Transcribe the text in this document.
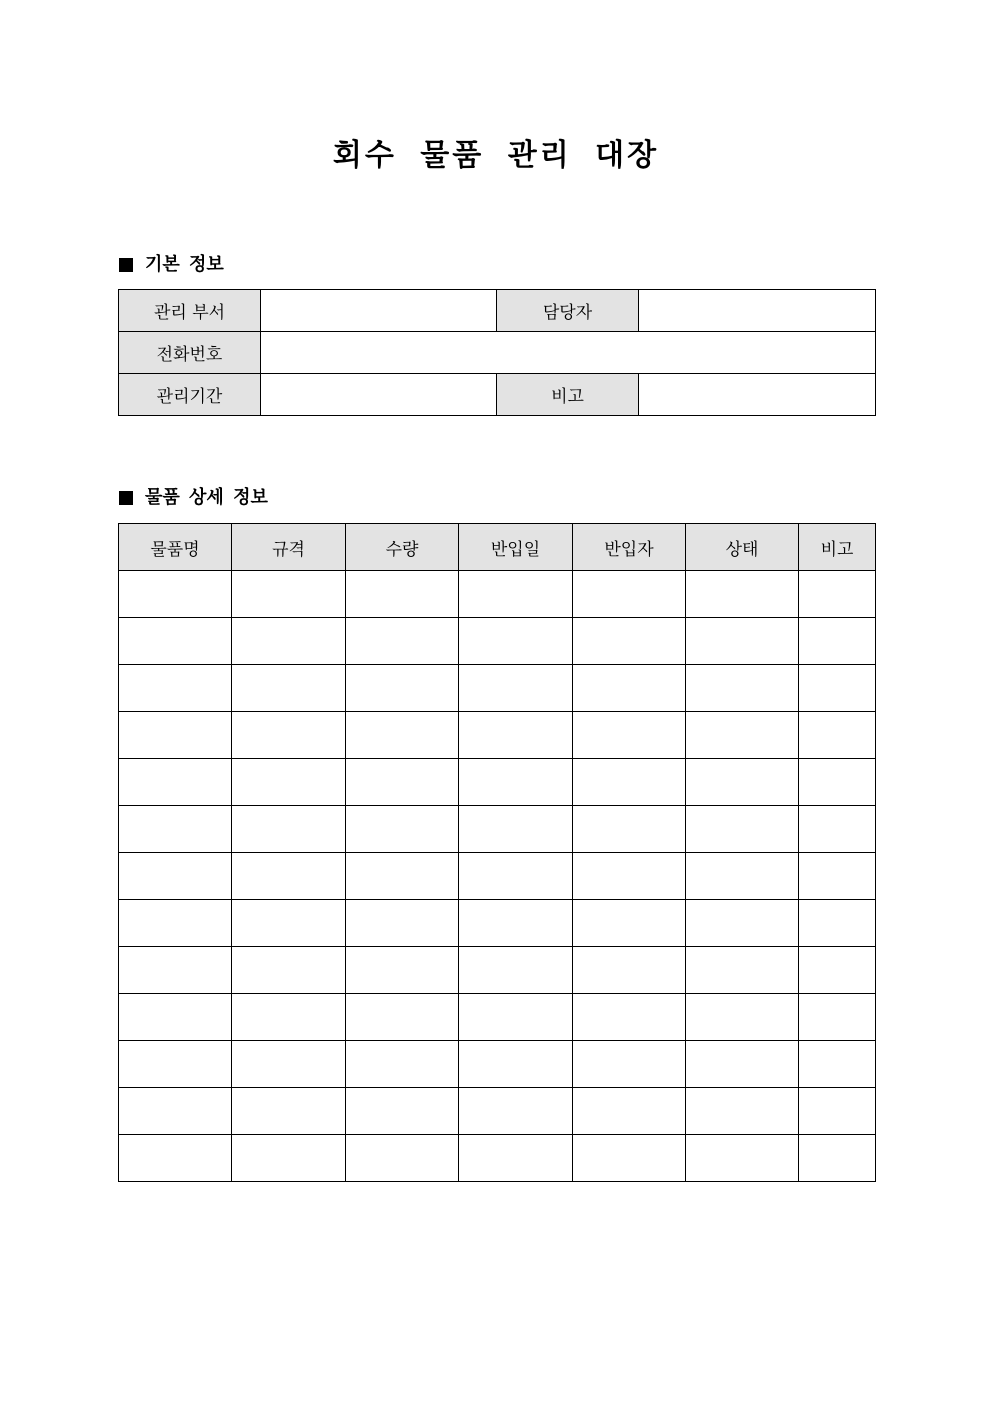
회수 물품 관리 대장
기본 정보
관리 부서		담당자	
전화번호			
관리기간		비고	
물품 상세 정보
물품명	규격	수량	반입일	반입자	상태	비고
